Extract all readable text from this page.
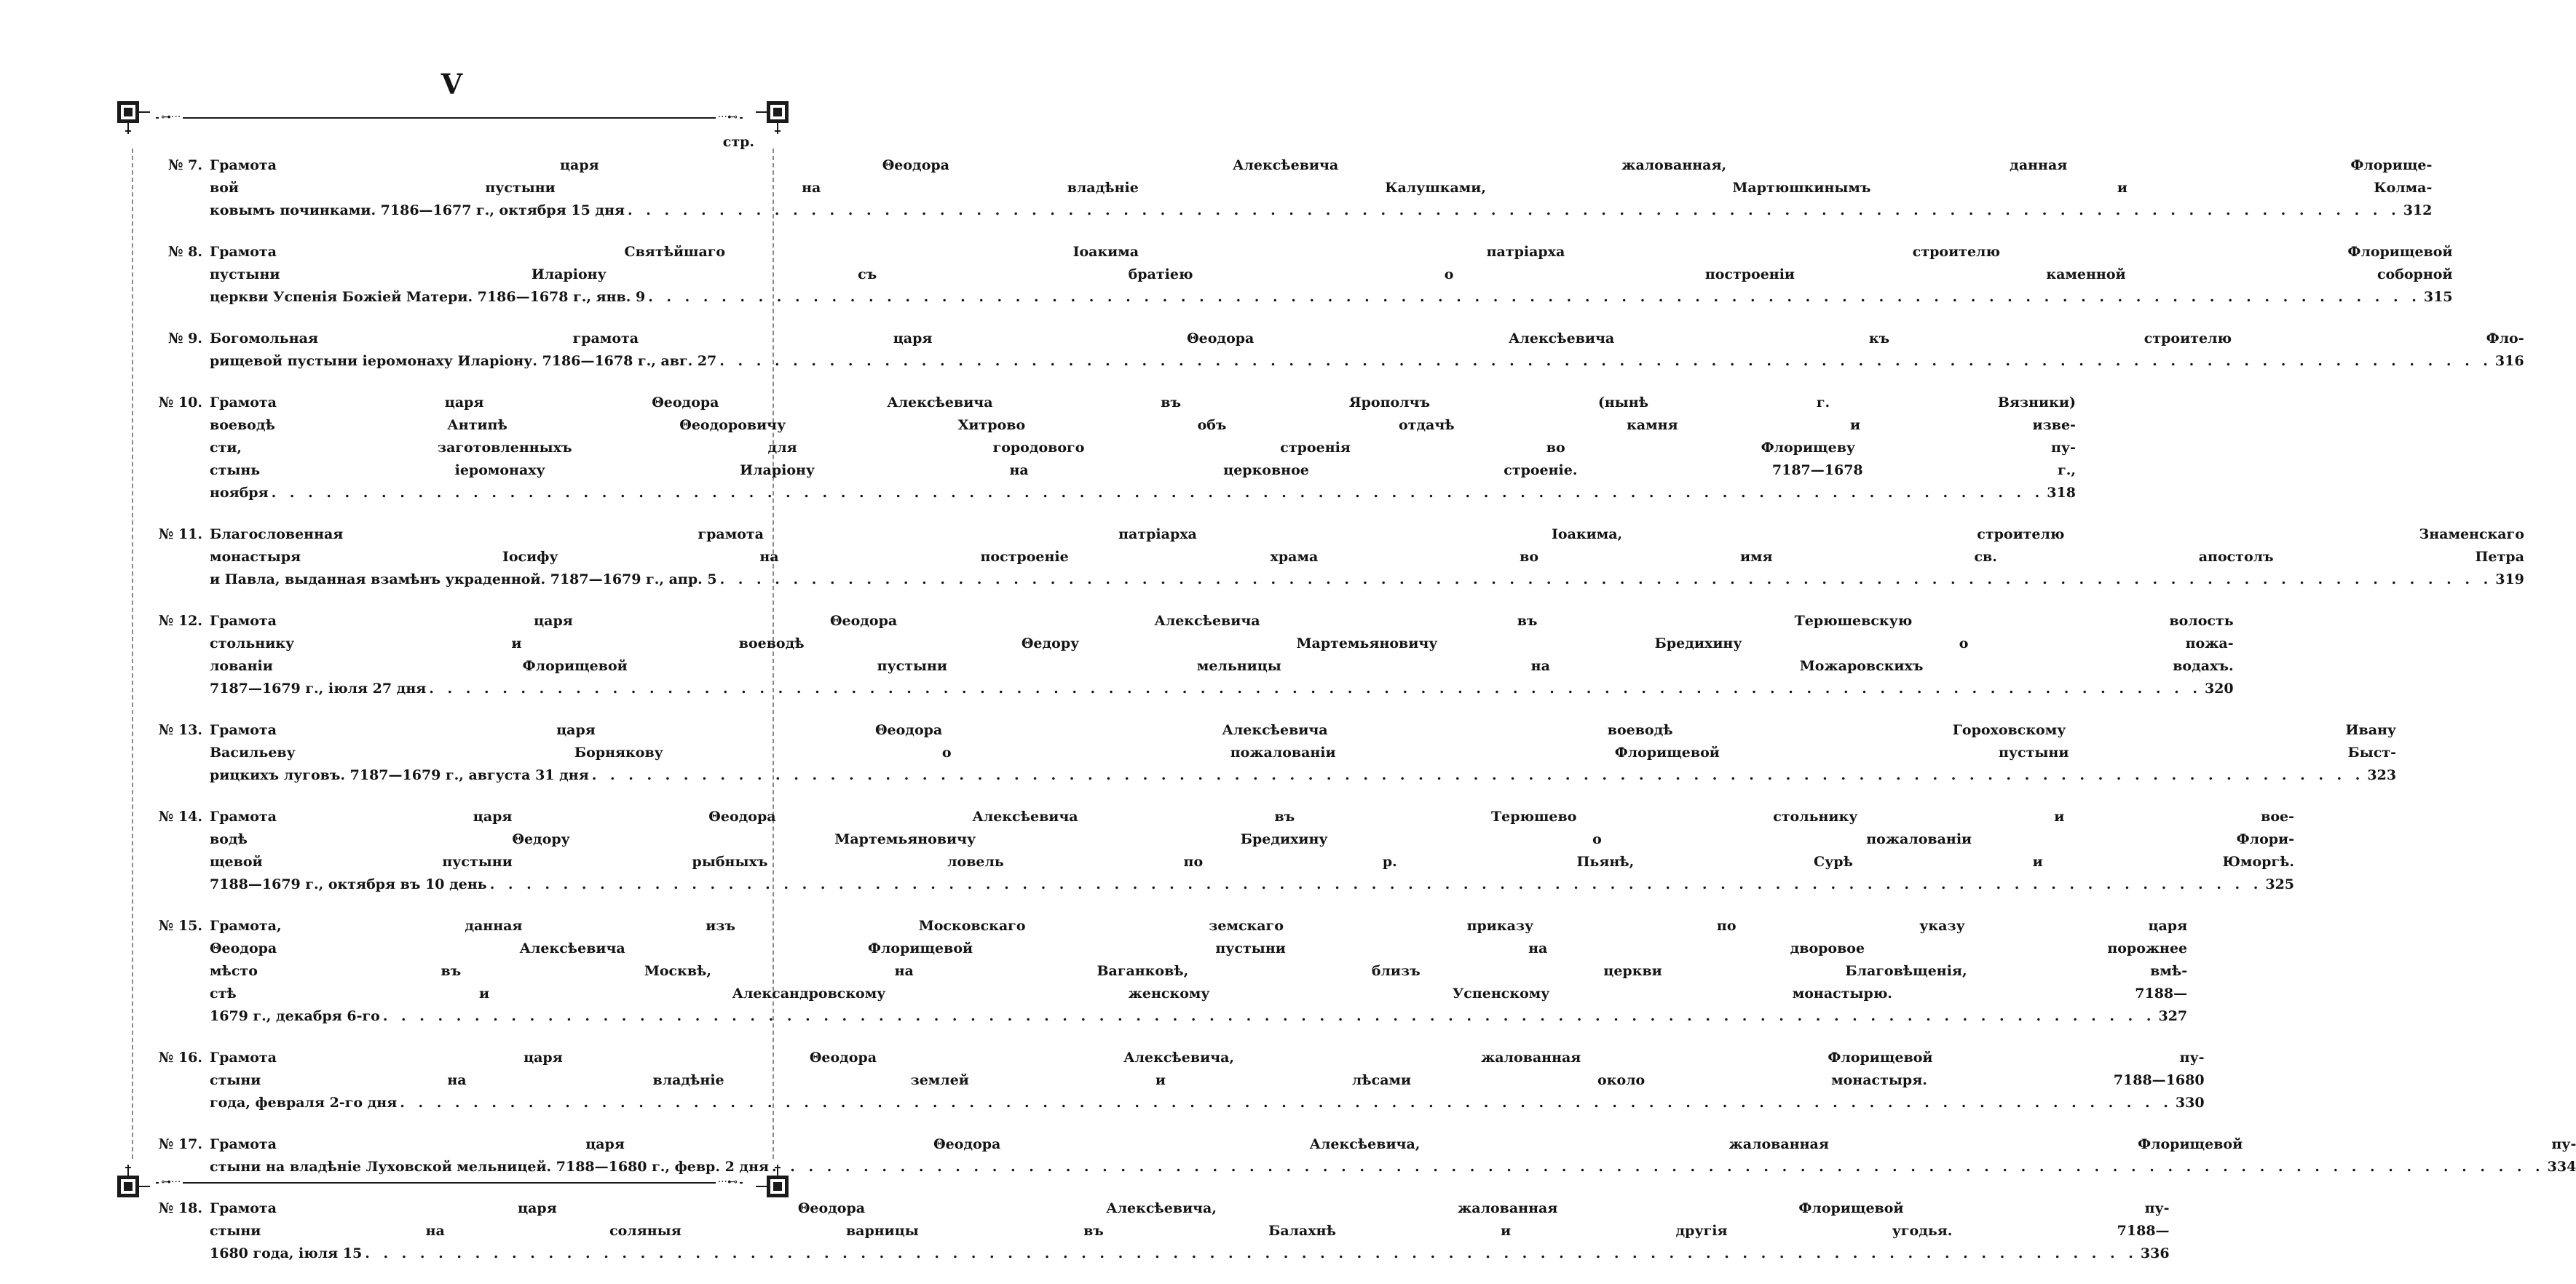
V
⊶···	···⊷
⊶···	···⊷
стр.
№ 7. Грамота царя Θеодора Алексѣевича жалованная, данная Флорище-
вой пустыни на владѣніе Калушками, Мартюшкинымъ и Колма-
ковымъ починками. 7186—1677 г., октября 15 дня . . .	312
№ 8. Грамота Святѣйшаго Іоакима патріарха строителю Флорищевой
пустыни Иларіону съ братіею о построеніи каменной соборной
церкви Успенія Божіей Матери. 7186—1678 г., янв. 9 . . .	315
№ 9. Богомольная грамота царя Θеодора Алексѣевича къ строителю Фло-
рищевой пустыни іеромонаху Иларіону. 7186—1678 г., авг. 27 . . .	316
№ 10. Грамота царя Θеодора Алексѣевича въ Ярополчъ (нынѣ г. Вязники)
воеводѣ Антипѣ Θеодоровичу Хитрово объ отдачѣ камня и изве-
сти, заготовленныхъ для городового строенія во Флорищеву пу-
стынь іеромонаху Иларіону на церковное строеніе. 7187—1678 г.,
ноября . . .	318
№ 11. Благословенная грамота патріарха Іоакима, строителю Знаменскаго
монастыря Іосифу на построеніе храма во имя св. апостолъ Петра
и Павла, выданная взамѣнъ украденной. 7187—1679 г., апр. 5 . . .	319
№ 12. Грамота царя Θеодора Алексѣевича въ Терюшевскую волость
стольнику и воеводѣ Θедору Мартемьяновичу Бредихину о пожа-
лованіи Флорищевой пустыни мельницы на Можаровскихъ водахъ.
7187—1679 г., іюля 27 дня . . .	320
№ 13. Грамота царя Θеодора Алексѣевича воеводѣ Гороховскому Ивану
Васильеву Борнякову о пожалованіи Флорищевой пустыни Быст-
рицкихъ луговъ. 7187—1679 г., августа 31 дня . . .	323
№ 14. Грамота царя Θеодора Алексѣевича въ Терюшево стольнику и вое-
водѣ Θедору Мартемьяновичу Бредихину о пожалованіи Флори-
щевой пустыни рыбныхъ ловель по р. Пьянѣ, Сурѣ и Юморгѣ.
7188—1679 г., октября въ 10 день . . .	325
№ 15. Грамота, данная изъ Московскаго земскаго приказу по указу царя
Θеодора Алексѣевича Флорищевой пустыни на дворовое порожнее
мѣсто въ Москвѣ, на Ваганковѣ, близъ церкви Благовѣщенія, вмѣ-
стѣ и Александровскому женскому Успенскому монастырю. 7188—
1679 г., декабря 6-го . . .	327
№ 16. Грамота царя Θеодора Алексѣевича, жалованная Флорищевой пу-
стыни на владѣніе землей и лѣсами около монастыря. 7188—1680
года, февраля 2-го дня . . .	330
№ 17. Грамота царя Θеодора Алексѣевича, жалованная Флорищевой пу-
стыни на владѣніе Луховской мельницей. 7188—1680 г., февр. 2 дня . . .	334
№ 18. Грамота царя Θеодора Алексѣевича, жалованная Флорищевой пу-
стыни на соляныя варницы въ Балахнѣ и другія угодья. 7188—
1680 года, іюля 15 . . .	336
